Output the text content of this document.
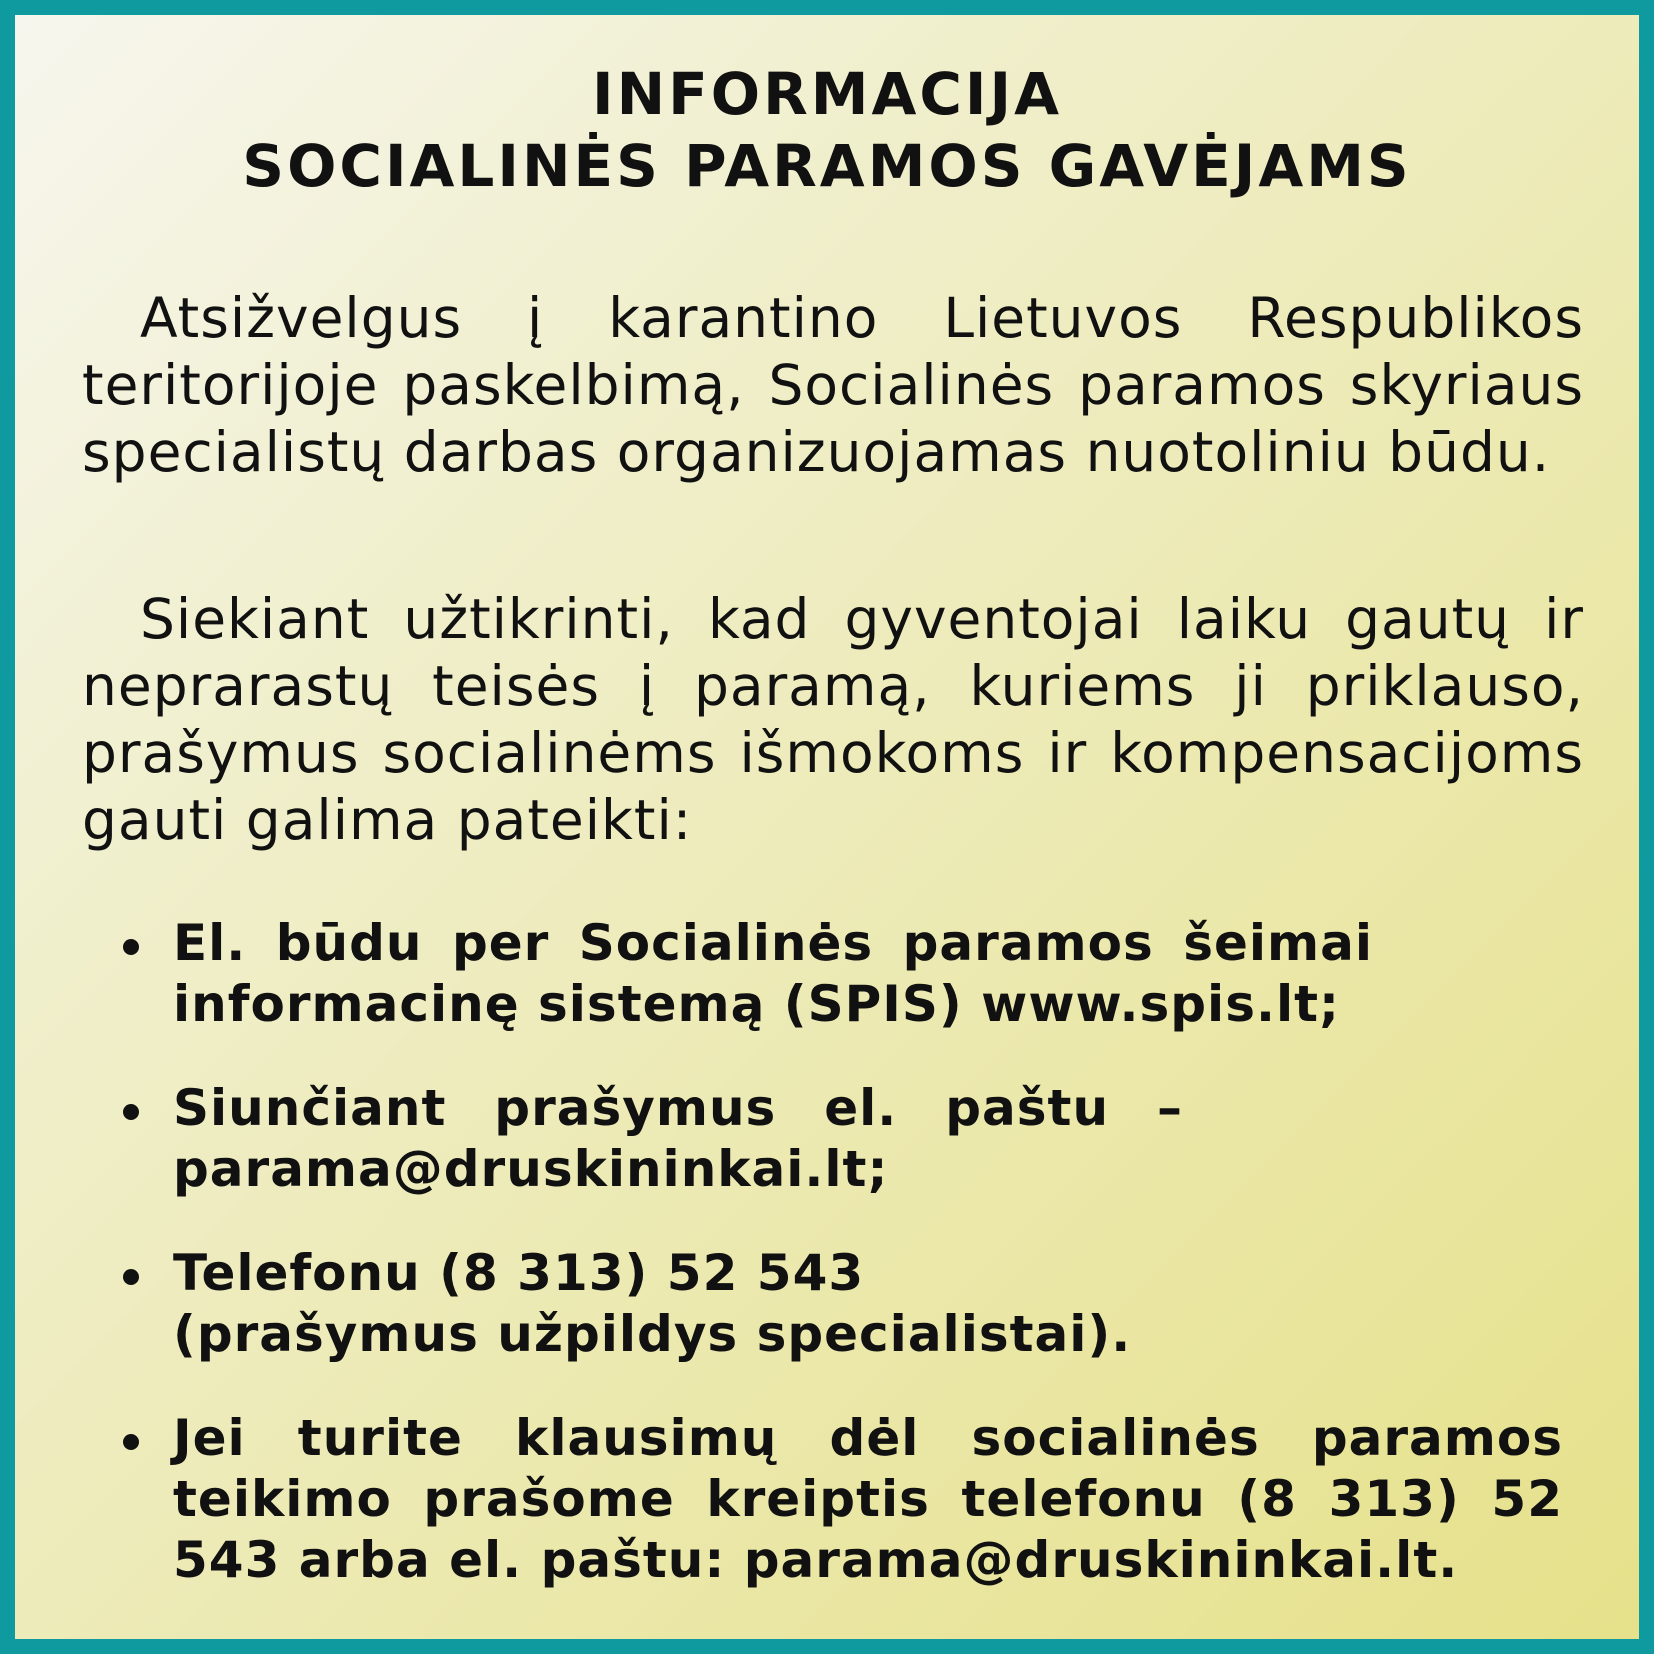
INFORMACIJA
SOCIALINĖS PARAMOS GAVĖJAMS
Atsižvelgus į karantino Lietuvos Respublikos teritorijoje paskelbimą, Socialinės paramos skyriaus specialistų darbas organizuojamas nuotoliniu būdu.
Siekiant užtikrinti, kad gyventojai laiku gautų ir neprarastų teisės į paramą, kuriems ji priklauso, prašymus socialinėms išmokoms ir kompensacijoms gauti galima pateikti:
El. būdu per Socialinės paramos šeimai informacinę sistemą (SPIS) www.spis.lt;
Siunčiant prašymus el. paštu – parama@druskininkai.lt;
Telefonu (8 313) 52 543 (prašymus užpildys specialistai).
Jei turite klausimų dėl socialinės paramos teikimo prašome kreiptis telefonu (8 313) 52 543 arba el. paštu: parama@druskininkai.lt.
